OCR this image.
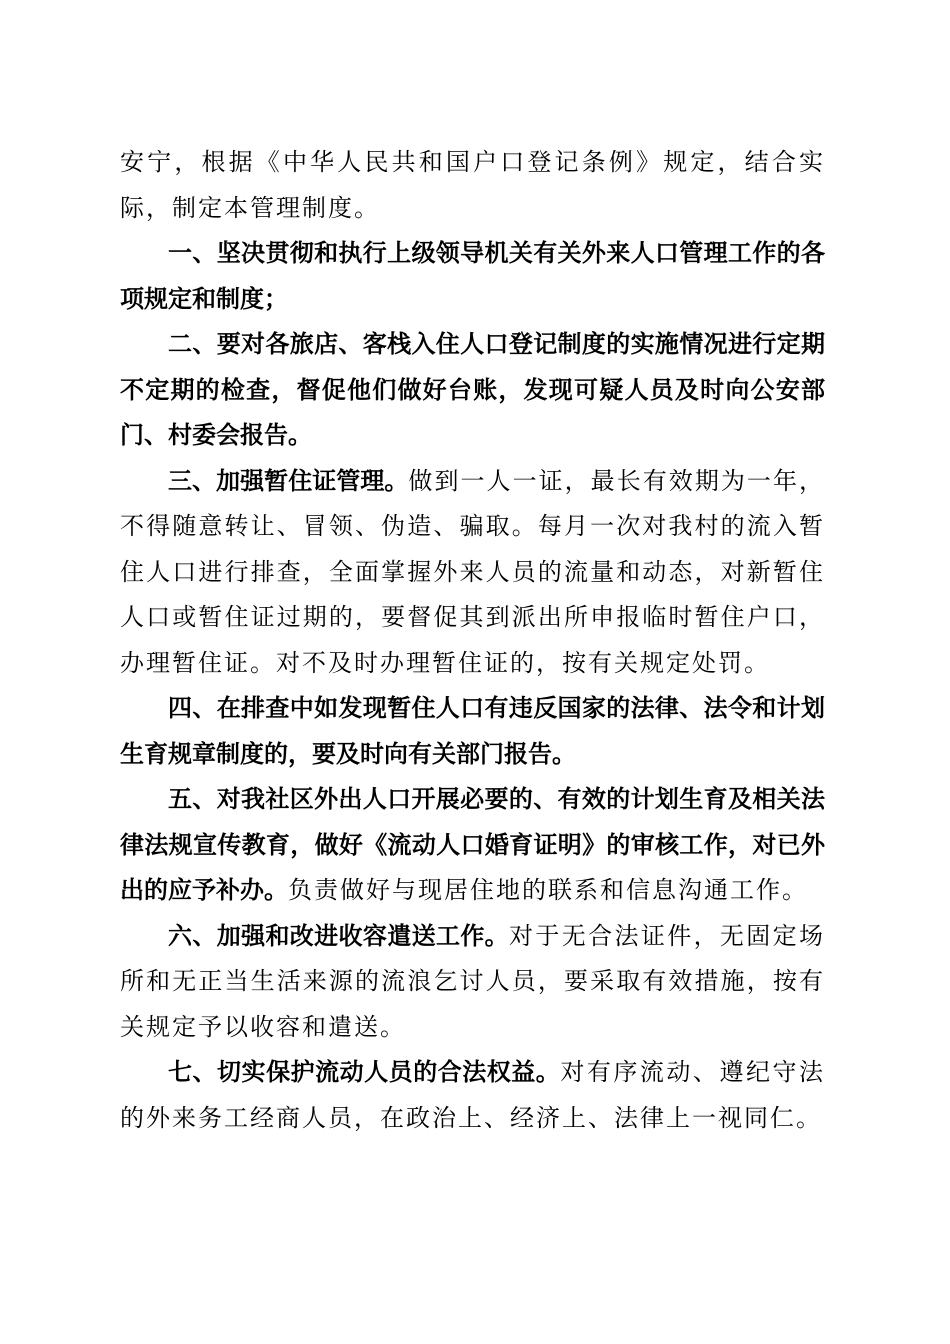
安宁，根据《中华人民共和国户口登记条例》规定，结合实际，制定本管理制度。

一、坚决贯彻和执行上级领导机关有关外来人口管理工作的各项规定和制度；

二、要对各旅店、客栈入住人口登记制度的实施情况进行定期不定期的检查，督促他们做好台账，发现可疑人员及时向公安部门、村委会报告。

三、加强暂住证管理。做到一人一证，最长有效期为一年，不得随意转让、冒领、伪造、骗取。每月一次对我村的流入暂住人口进行排查，全面掌握外来人员的流量和动态，对新暂住人口或暂住证过期的，要督促其到派出所申报临时暂住户口，办理暂住证。对不及时办理暂住证的，按有关规定处罚。

四、在排查中如发现暂住人口有违反国家的法律、法令和计划生育规章制度的，要及时向有关部门报告。

五、对我社区外出人口开展必要的、有效的计划生育及相关法律法规宣传教育，做好《流动人口婚育证明》的审核工作，对已外出的应予补办。负责做好与现居住地的联系和信息沟通工作。

六、加强和改进收容遣送工作。对于无合法证件，无固定场所和无正当生活来源的流浪乞讨人员，要采取有效措施，按有关规定予以收容和遣送。

七、切实保护流动人员的合法权益。对有序流动、遵纪守法的外来务工经商人员，在政治上、经济上、法律上一视同仁。
